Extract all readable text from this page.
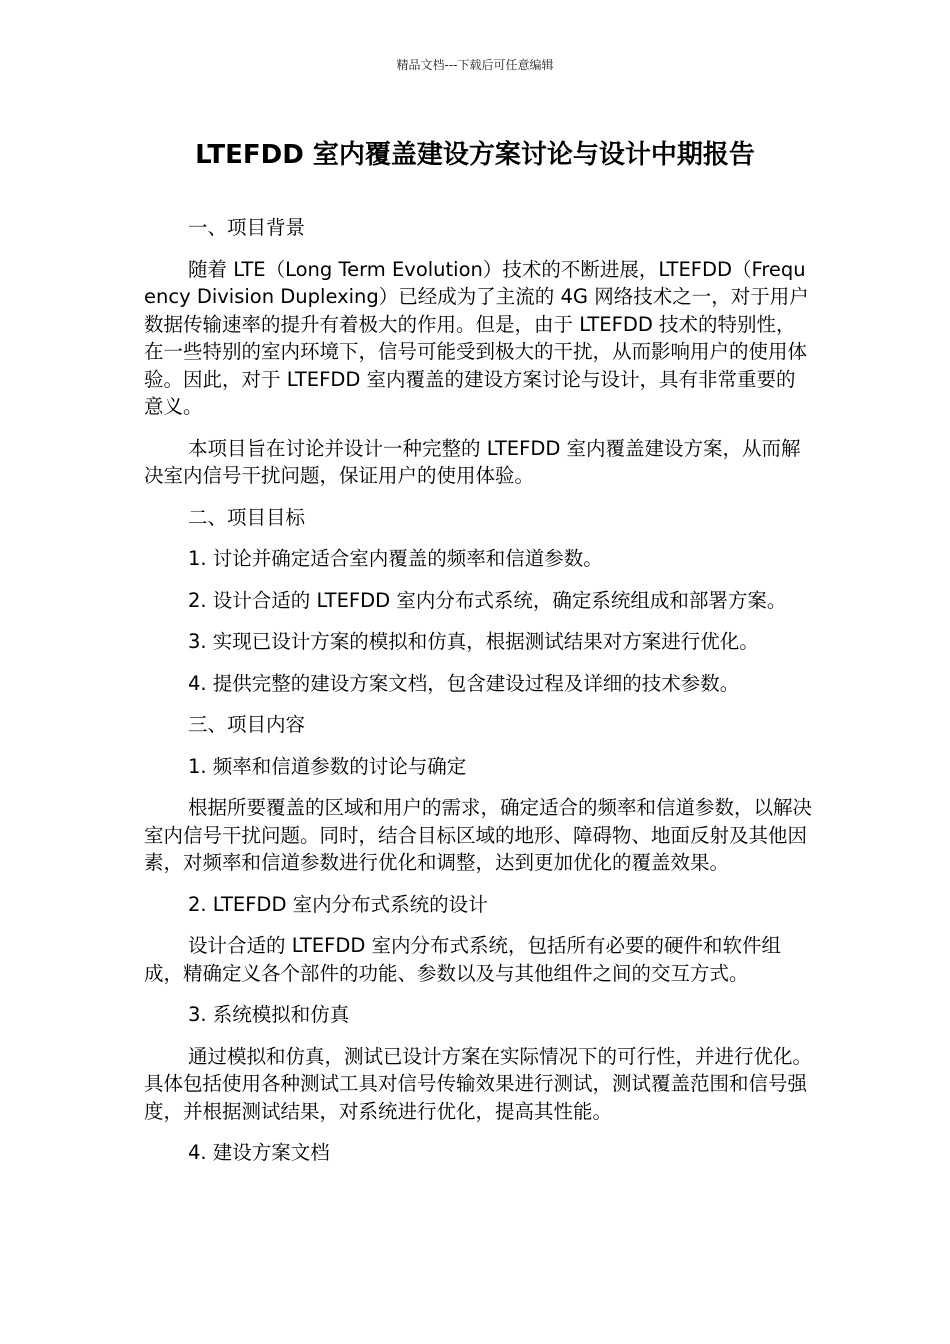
精品文档---下载后可任意编辑
LTEFDD 室内覆盖建设方案讨论与设计中期报告

一、项目背景

随着 LTE（Long Term Evolution）技术的不断进展，LTEFDD（Frequency Division Duplexing）已经成为了主流的 4G 网络技术之一，对于用户数据传输速率的提升有着极大的作用。但是，由于 LTEFDD 技术的特别性，在一些特别的室内环境下，信号可能受到极大的干扰，从而影响用户的使用体验。因此，对于 LTEFDD 室内覆盖的建设方案讨论与设计，具有非常重要的意义。

本项目旨在讨论并设计一种完整的 LTEFDD 室内覆盖建设方案，从而解决室内信号干扰问题，保证用户的使用体验。

二、项目目标

1. 讨论并确定适合室内覆盖的频率和信道参数。

2. 设计合适的 LTEFDD 室内分布式系统，确定系统组成和部署方案。

3. 实现已设计方案的模拟和仿真，根据测试结果对方案进行优化。

4. 提供完整的建设方案文档，包含建设过程及详细的技术参数。

三、项目内容

1. 频率和信道参数的讨论与确定

根据所要覆盖的区域和用户的需求，确定适合的频率和信道参数，以解决室内信号干扰问题。同时，结合目标区域的地形、障碍物、地面反射及其他因素，对频率和信道参数进行优化和调整，达到更加优化的覆盖效果。

2. LTEFDD 室内分布式系统的设计

设计合适的 LTEFDD 室内分布式系统，包括所有必要的硬件和软件组成，精确定义各个部件的功能、参数以及与其他组件之间的交互方式。

3. 系统模拟和仿真

通过模拟和仿真，测试已设计方案在实际情况下的可行性，并进行优化。具体包括使用各种测试工具对信号传输效果进行测试，测试覆盖范围和信号强度，并根据测试结果，对系统进行优化，提高其性能。

4. 建设方案文档
